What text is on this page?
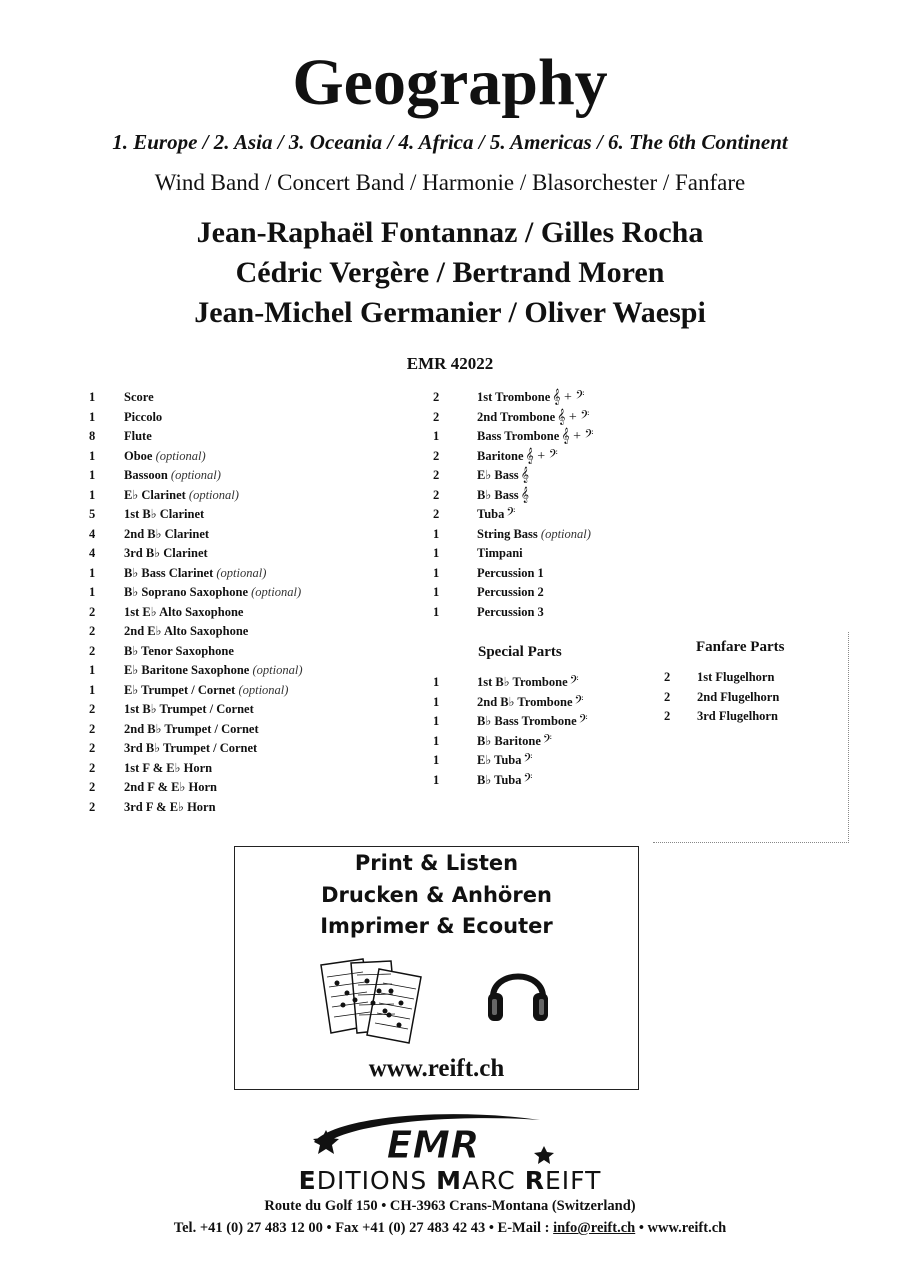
Geography
1. Europe / 2. Asia / 3. Oceania / 4. Africa / 5. Americas / 6. The 6th Continent
Wind Band / Concert Band / Harmonie / Blasorchester / Fanfare
Jean-Raphaël Fontannaz / Gilles Rocha
Cédric Vergère / Bertrand Moren
Jean-Michel Germanier / Oliver Waespi
EMR 42022
1 Score
1 Piccolo
8 Flute
1 Oboe (optional)
1 Bassoon (optional)
1 E♭ Clarinet (optional)
5 1st B♭ Clarinet
4 2nd B♭ Clarinet
4 3rd B♭ Clarinet
1 B♭ Bass Clarinet (optional)
1 B♭ Soprano Saxophone (optional)
2 1st E♭ Alto Saxophone
2 2nd E♭ Alto Saxophone
2 B♭ Tenor Saxophone
1 E♭ Baritone Saxophone (optional)
1 E♭ Trumpet / Cornet (optional)
2 1st B♭ Trumpet / Cornet
2 2nd B♭ Trumpet / Cornet
2 3rd B♭ Trumpet / Cornet
2 1st F & E♭ Horn
2 2nd F & E♭ Horn
2 3rd F & E♭ Horn
2	1st Trombone 𝄞 + 𝄢
2	2nd Trombone 𝄞 + 𝄢
1	Bass Trombone 𝄞 + 𝄢
2	Baritone 𝄞 + 𝄢
2	E♭ Bass 𝄞
2	B♭ Bass 𝄞
2	Tuba 𝄢
1	String Bass (optional)
1	Timpani
1	Percussion 1
1	Percussion 2
1	Percussion 3
Special Parts
1	1st B♭ Trombone 𝄢
1	2nd B♭ Trombone 𝄢
1	B♭ Bass Trombone 𝄢
1	B♭ Baritone 𝄢
1	E♭ Tuba 𝄢
1	B♭ Tuba 𝄢
Fanfare Parts
2 1st Flugelhorn
2 2nd Flugelhorn
2 3rd Flugelhorn
Print & Listen
Drucken & Anhören
Imprimer & Ecouter
www.reift.ch
EMR
EDITIONS MARC REIFT
Route du Golf 150 • CH-3963 Crans-Montana (Switzerland)
Tel. +41 (0) 27 483 12 00 • Fax +41 (0) 27 483 42 43 • E-Mail : info@reift.ch • www.reift.ch
